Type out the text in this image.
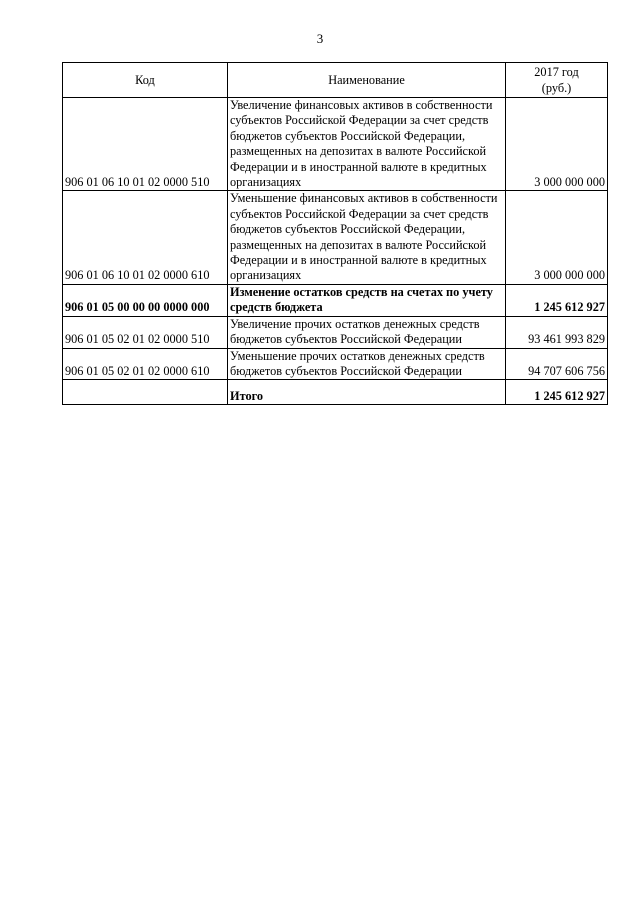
3
Код	Наименование	2017 год
(руб.)

906 01 06 10 01 02 0000 510	Увеличение финансовых активов в собственности субъектов Российской Федерации за счет средств бюджетов субъектов Российской Федерации, размещенных на депозитах в валюте Российской Федерации и в иностранной валюте в кредитных организациях	3 000 000 000
906 01 06 10 01 02 0000 610	Уменьшение финансовых активов в собственности субъектов Российской Федерации за счет средств бюджетов субъектов Российской Федерации, размещенных на депозитах в валюте Российской Федерации и в иностранной валюте в кредитных организациях	3 000 000 000
906 01 05 00 00 00 0000 000	Изменение остатков средств на счетах по учету средств бюджета	1 245 612 927
906 01 05 02 01 02 0000 510	Увеличение прочих остатков денежных средств бюджетов субъектов Российской Федерации	93 461 993 829
906 01 05 02 01 02 0000 610	Уменьшение прочих остатков денежных средств бюджетов субъектов Российской Федерации	94 707 606 756
	Итого	1 245 612 927
